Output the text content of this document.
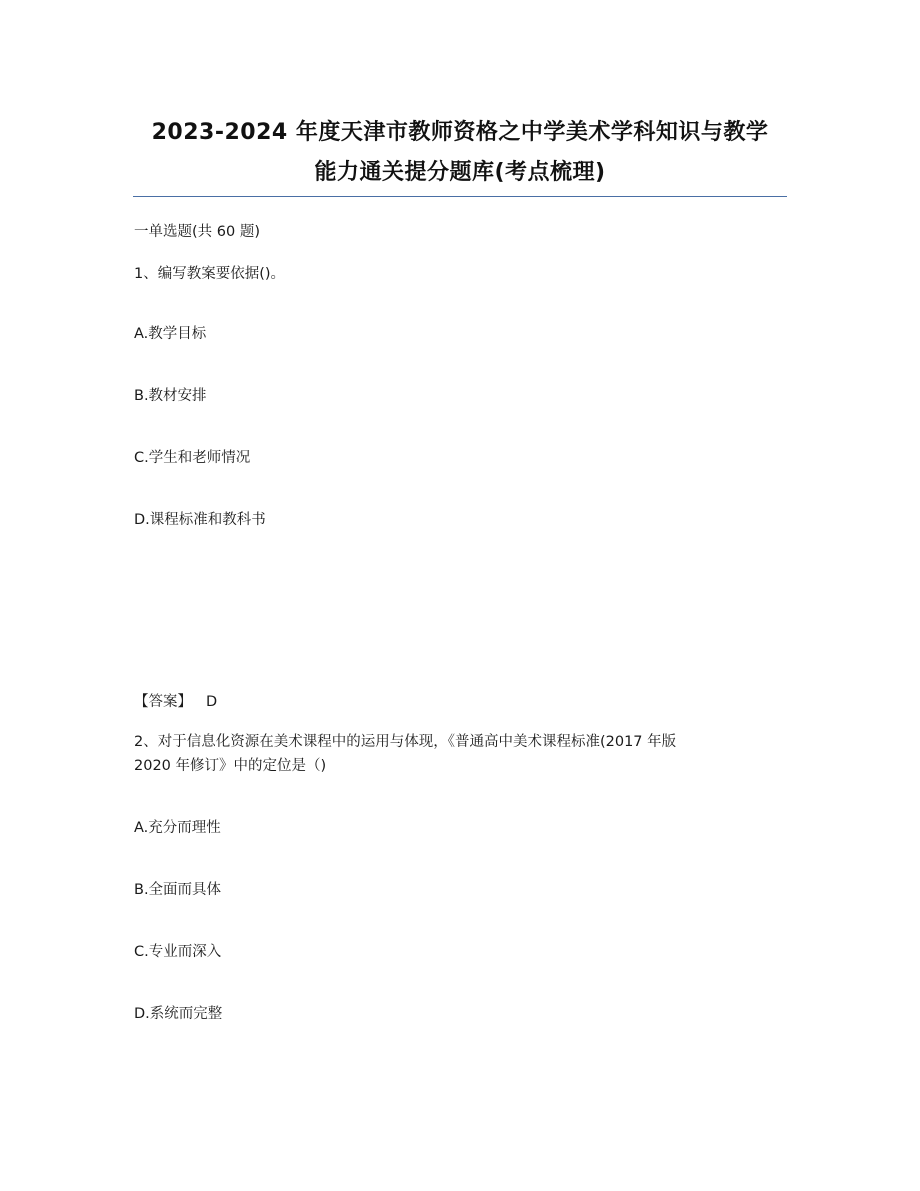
2023-2024 年度天津市教师资格之中学美术学科知识与教学
能力通关提分题库(考点梳理)
一单选题(共 60 题)
1、编写教案要依据()。
A.教学目标
B.教材安排
C.学生和老师情况
D.课程标准和教科书
【答案】 D
2、对于信息化资源在美术课程中的运用与体现，《普通高中美术课程标准(2017 年版
2020 年修订》中的定位是（)
A.充分而理性
B.全面而具体
C.专业而深入
D.系统而完整
